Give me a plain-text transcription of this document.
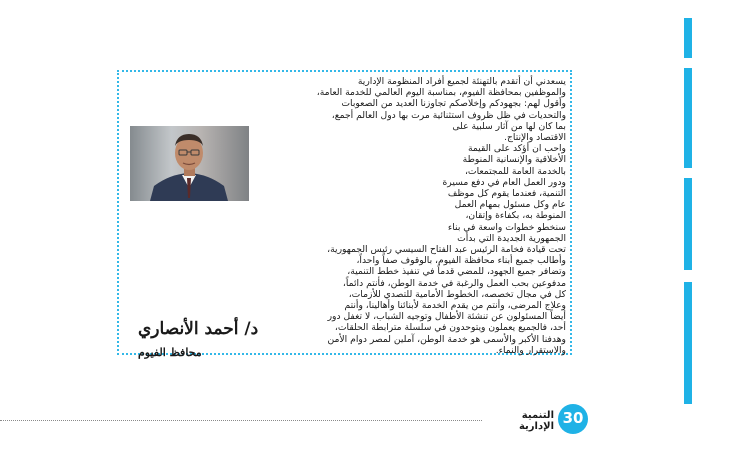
يسعدني أن أتقدم بالتهنئة لجميع أفراد المنظومة الإدارية

والموظفين بمحافظة الفيوم، بمناسبة اليوم العالمي للخدمة العامة،

وأقول لهم: بجهودكم وإخلاصكم تجاوزنا العديد من الصعوبات

والتحديات في ظل ظروف استثنائية مرت بها دول العالم أجمع،

بما كان لها من آثار سلبية على

الاقتصاد والإنتاج.

واحب ان أؤكد على القيمة

الأخلاقية والإنسانية المنوطة

بالخدمة العامة للمجتمعات،

ودور العمل العام في دفع مسيرة

التنمية، فعندما يقوم كل موظف

عام وكل مسئول بمهام العمل

المنوطة به، بكفاءة وإتقان،

سنخطو خطوات واسعة في بناء

الجمهورية الجديدة التي بدأت

تحت قيادة فخامة الرئيس عبد الفتاح السيسي رئيس الجمهورية،

وأطالب جميع أبناء محافظة الفيوم، بالوقوف صفاً واحداً،

وتضافر جميع الجهود، للمضي قدماً في تنفيذ خطط التنمية،

مدفوعين بحب العمل والرغبة في خدمة الوطن، فأنتم دائماً،

كل في مجال تخصصه، الخطوط الأمامية للتصدي للأزمات،

وعلاج المرضى، وأنتم من يقدم الخدمة لأبنائنا وأهالينا، وأنتم

أيضاً المسئولون عن تنشئة الأطفال وتوجيه الشباب، لا تغفل دور

أحد، فالجميع يعملون ويتوحدون في سلسلة مترابطة الحلقات،

وهدفنا الأكبر والأسمى هو خدمة الوطن، آملين لمصر دوام الأمن

والاستقرار والنماء.

د/ أحمد الأنصاري
محافظ الفيوم
التنمية الإدارية 30
